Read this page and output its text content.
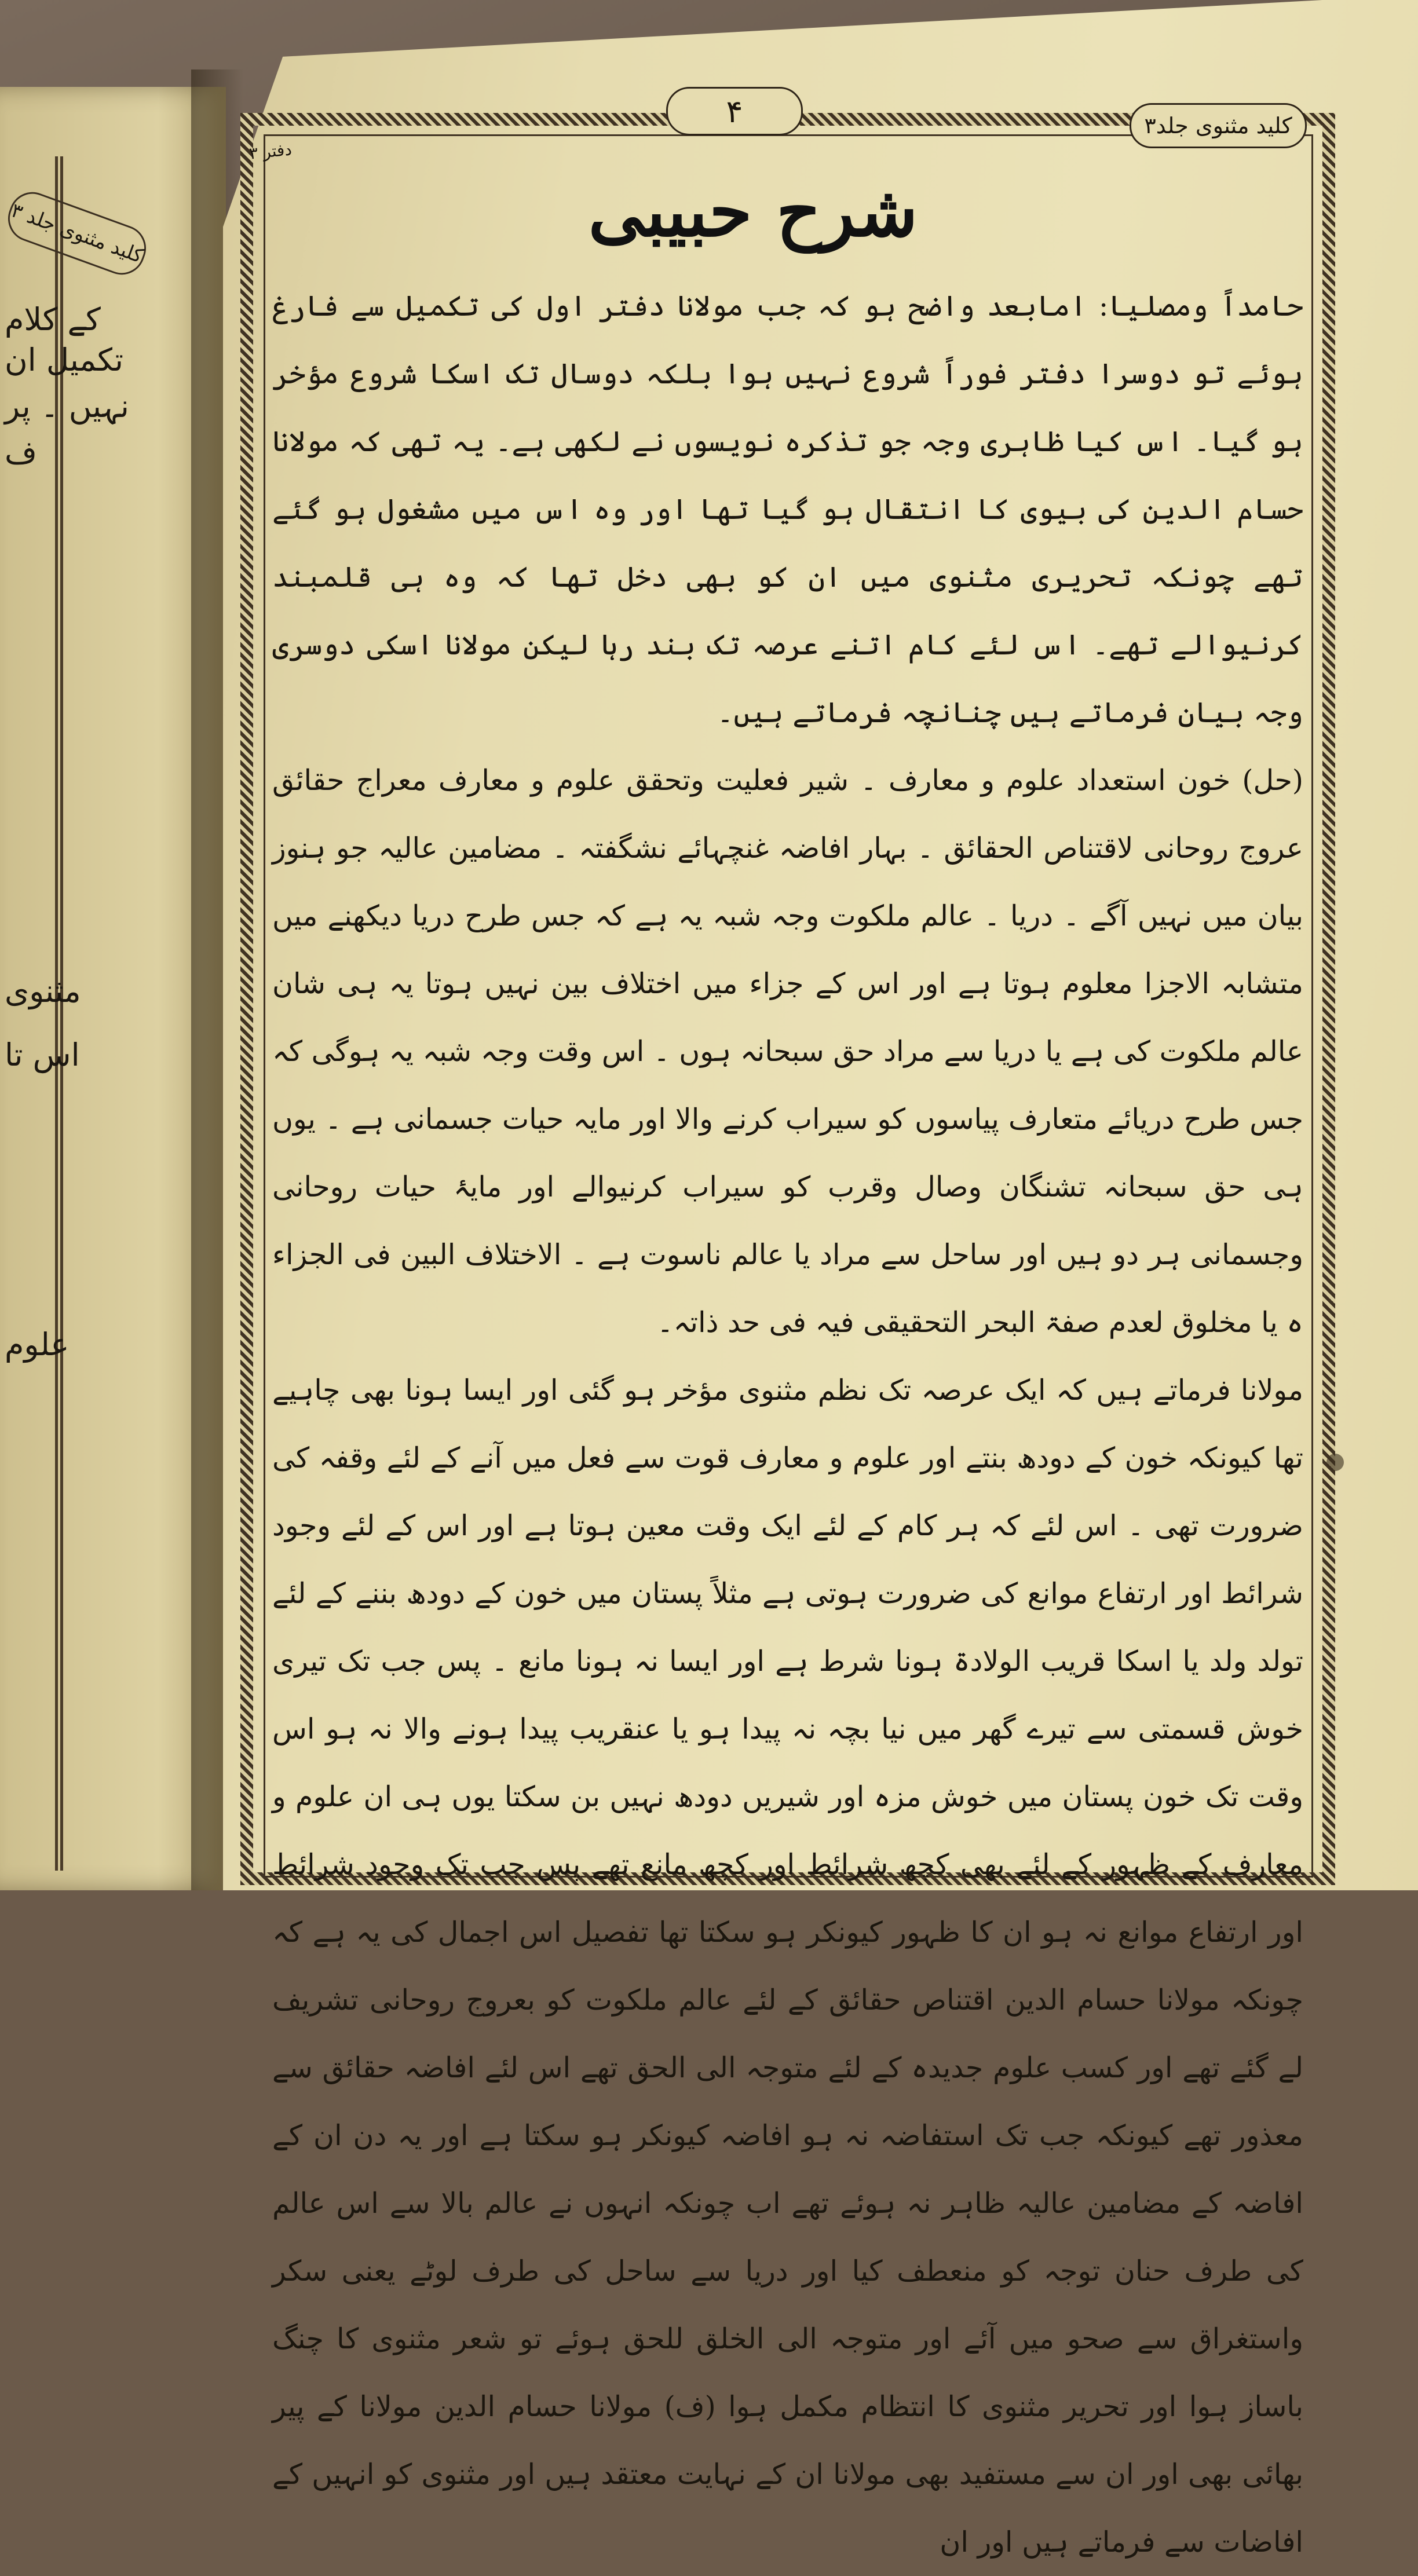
کلید مثنوی جلد ۳
کے کلام
تکمیل ان
نہیں ۔ پر
ف
مثنوی
اس تا
علوم
۴	کلید مثنوی جلد۳
دفتر ۳
شرح حبیبی

حامداً ومصلیا: امابعد واضح ہو کہ جب مولانا دفتر اول کی تکمیل سے فارغ ہوئے تو دوسرا دفتر فوراً شروع نہیں ہوا بلکہ دوسال تک اسکا شروع مؤخر ہو گیا۔ اس کیا ظاہری وجہ جو تذکرہ نویسوں نے لکھی ہے۔ یہ تھی کہ مولانا حسام الدین کی بیوی کا انتقال ہو گیا تھا اور وہ اس میں مشغول ہو گئے تھے چونکہ تحریری مثنوی میں ان کو بھی دخل تھا کہ وہ ہی قلمبند کرنیوالے تھے۔ اس لئے کام اتنے عرصہ تک بند رہا لیکن مولانا اسکی دوسری وجہ بیان فرماتے ہیں چنانچہ فرماتے ہیں۔

(حل) خون استعداد علوم و معارف ۔ شیر فعلیت وتحقق علوم و معارف معراج حقائق عروج روحانی لاقتناص الحقائق ۔ بہار افاضہ غنچہائے نشگفتہ ۔ مضامین عالیہ جو ہنوز بیان میں نہیں آگے ۔ دریا ۔ عالم ملکوت وجہ شبہ یہ ہے کہ جس طرح دریا دیکھنے میں متشابہ الاجزا معلوم ہوتا ہے اور اس کے جزاء میں اختلاف بین نہیں ہوتا یہ ہی شان عالم ملکوت کی ہے یا دریا سے مراد حق سبحانہ ہوں ۔ اس وقت وجہ شبہ یہ ہوگی کہ جس طرح دریائے متعارف پیاسوں کو سیراب کرنے والا اور مایہ حیات جسمانی ہے ۔ یوں ہی حق سبحانہ تشنگان وصال وقرب کو سیراب کرنیوالے اور مایۂ حیات روحانی وجسمانی ہر دو ہیں اور ساحل سے مراد یا عالم ناسوت ہے ۔ الاختلاف البین فی الجزاء ہ یا مخلوق لعدم صفۃ البحر التحقیقی فیہ فی حد ذاتہ۔

مولانا فرماتے ہیں کہ ایک عرصہ تک نظم مثنوی مؤخر ہو گئی اور ایسا ہونا بھی چاہیے تھا کیونکہ خون کے دودھ بنتے اور علوم و معارف قوت سے فعل میں آنے کے لئے وقفہ کی ضرورت تھی ۔ اس لئے کہ ہر کام کے لئے ایک وقت معین ہوتا ہے اور اس کے لئے وجود شرائط اور ارتفاع موانع کی ضرورت ہوتی ہے مثلاً پستان میں خون کے دودھ بننے کے لئے تولد ولد یا اسکا قریب الولادۃ ہونا شرط ہے اور ایسا نہ ہونا مانع ۔ پس جب تک تیری خوش قسمتی سے تیرے گھر میں نیا بچہ نہ پیدا ہو یا عنقریب پیدا ہونے والا نہ ہو اس وقت تک خون پستان میں خوش مزہ اور شیریں دودھ نہیں بن سکتا یوں ہی ان علوم و معارف کے ظہور کے لئے بھی کچھ شرائط اور کچھ مانع تھے پس جب تک وجود شرائط اور ارتفاع موانع نہ ہو ان کا ظہور کیونکر ہو سکتا تھا تفصیل اس اجمال کی یہ ہے کہ چونکہ مولانا حسام الدین اقتناص حقائق کے لئے عالم ملکوت کو بعروج روحانی تشریف لے گئے تھے اور کسب علوم جدیدہ کے لئے متوجہ الی الحق تھے اس لئے افاضہ حقائق سے معذور تھے کیونکہ جب تک استفاضہ نہ ہو افاضہ کیونکر ہو سکتا ہے اور یہ دن ان کے افاضہ کے مضامین عالیہ ظاہر نہ ہوئے تھے اب چونکہ انہوں نے عالم بالا سے اس عالم کی طرف حنان توجہ کو منعطف کیا اور دریا سے ساحل کی طرف لوٹے یعنی سکر واستغراق سے صحو میں آئے اور متوجہ الی الخلق للحق ہوئے تو شعر مثنوی کا چنگ باساز ہوا اور تحریر مثنوی کا انتظام مکمل ہوا (ف) مولانا حسام الدین مولانا کے پیر بھائی بھی اور ان سے مستفید بھی مولانا ان کے نہایت معتقد ہیں اور مثنوی کو انہیں کے افاضات سے فرماتے ہیں اور ان
